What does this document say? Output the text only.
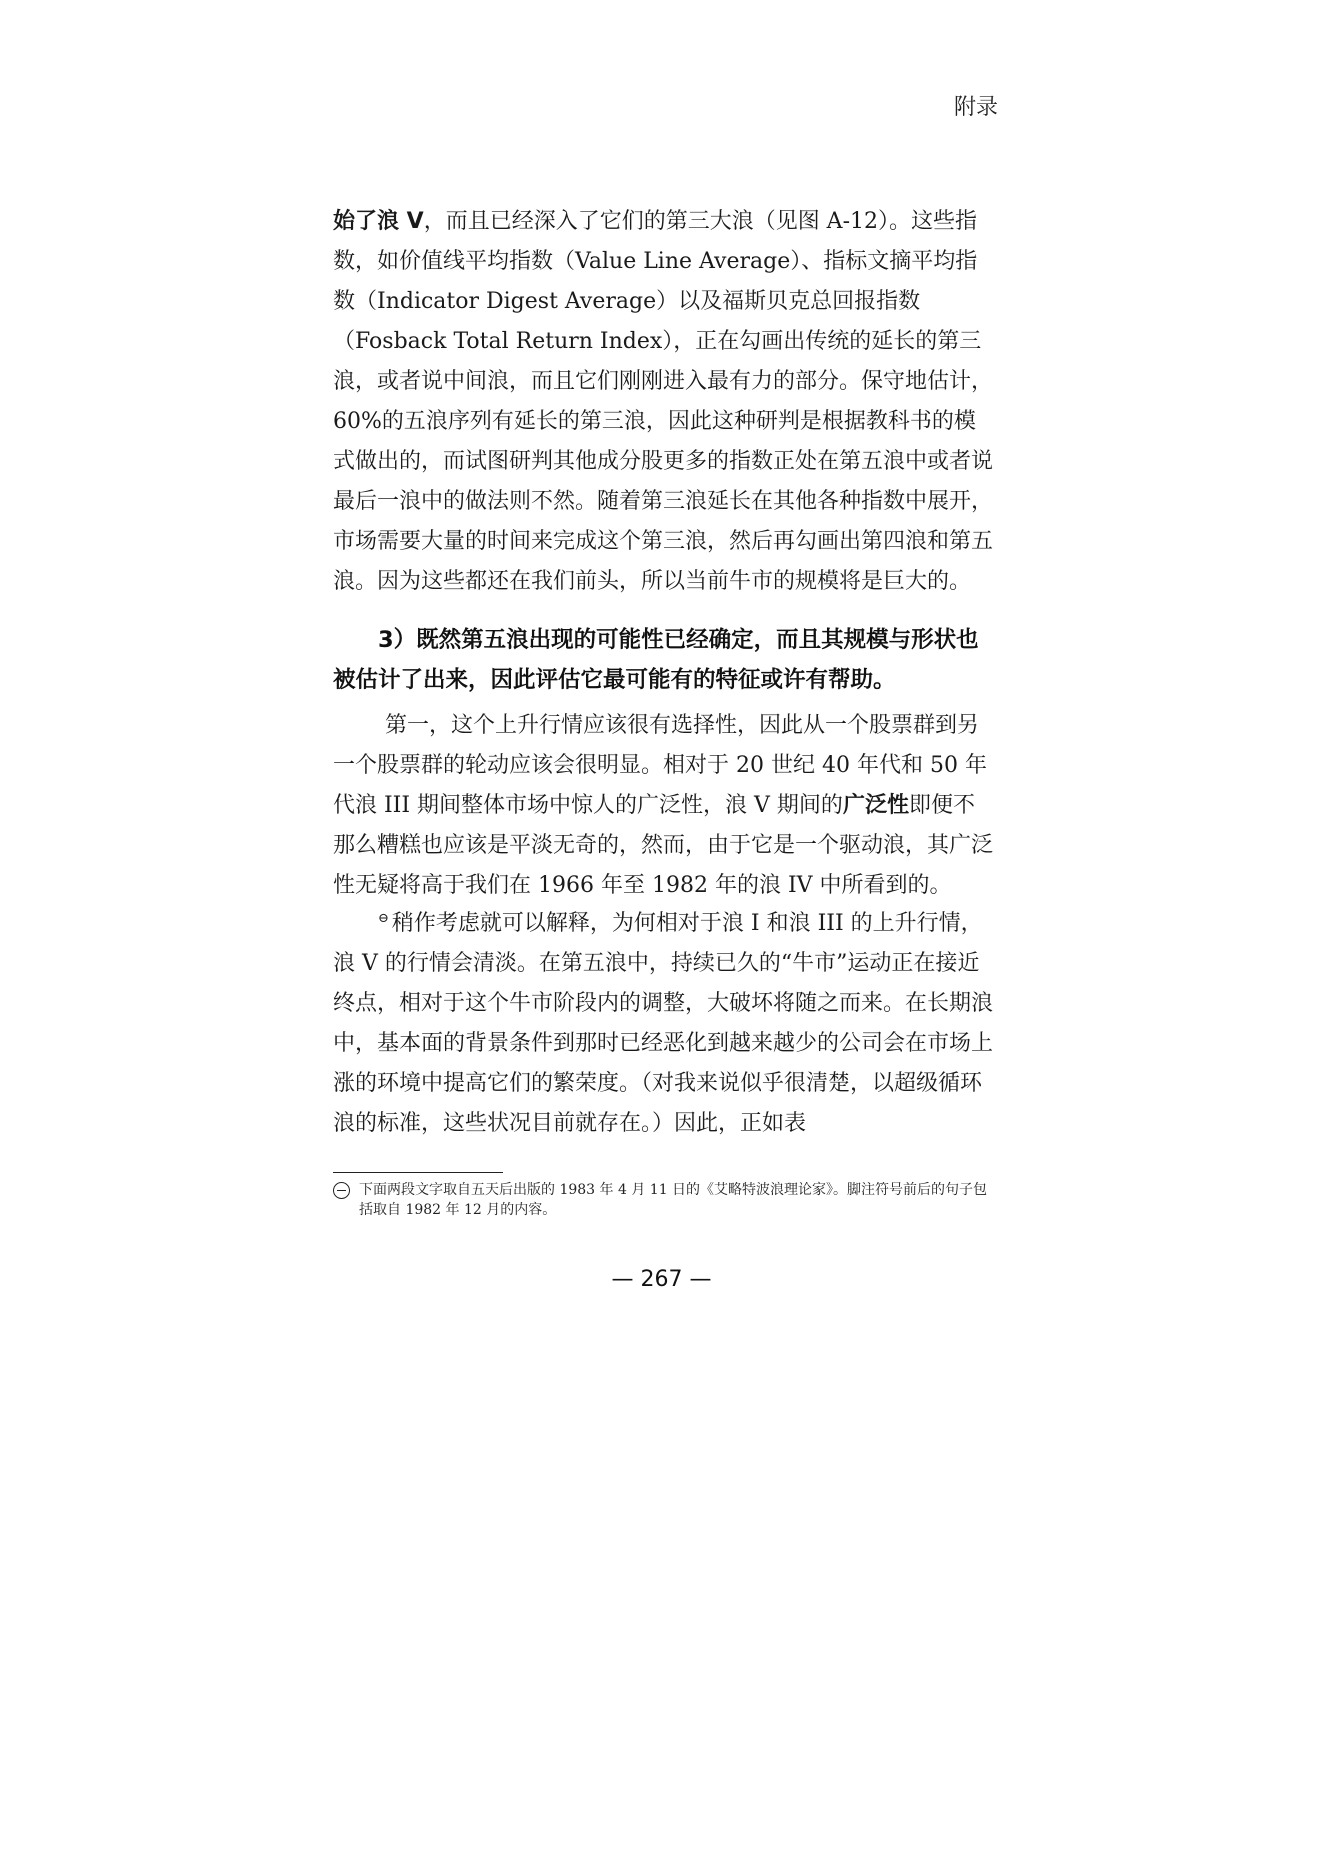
附录
始了浪 V，而且已经深入了它们的第三大浪（见图 A-12）。这些指数，如价值线平均指数（Value Line Average）、指标文摘平均指数（Indicator Digest Average）以及福斯贝克总回报指数（Fosback Total Return Index），正在勾画出传统的延长的第三浪，或者说中间浪，而且它们刚刚进入最有力的部分。保守地估计，60%的五浪序列有延长的第三浪，因此这种研判是根据教科书的模式做出的，而试图研判其他成分股更多的指数正处在第五浪中或者说最后一浪中的做法则不然。随着第三浪延长在其他各种指数中展开，市场需要大量的时间来完成这个第三浪，然后再勾画出第四浪和第五浪。因为这些都还在我们前头，所以当前牛市的规模将是巨大的。
3）既然第五浪出现的可能性已经确定，而且其规模与形状也被估计了出来，因此评估它最可能有的特征或许有帮助。
第一，这个上升行情应该很有选择性，因此从一个股票群到另一个股票群的轮动应该会很明显。相对于 20 世纪 40 年代和 50 年代浪 III 期间整体市场中惊人的广泛性，浪 V 期间的广泛性即便不那么糟糕也应该是平淡无奇的，然而，由于它是一个驱动浪，其广泛性无疑将高于我们在 1966 年至 1982 年的浪 IV 中所看到的。
⊖ 稍作考虑就可以解释，为何相对于浪 I 和浪 III 的上升行情，浪 V 的行情会清淡。在第五浪中，持续已久的“牛市”运动正在接近终点，相对于这个牛市阶段内的调整，大破坏将随之而来。在长期浪中，基本面的背景条件到那时已经恶化到越来越少的公司会在市场上涨的环境中提高它们的繁荣度。（对我来说似乎很清楚，以超级循环浪的标准，这些状况目前就存在。）因此，正如表
下面两段文字取自五天后出版的 1983 年 4 月 11 日的《艾略特波浪理论家》。脚注符号前后的句子包括取自 1982 年 12 月的内容。
— 267 —
